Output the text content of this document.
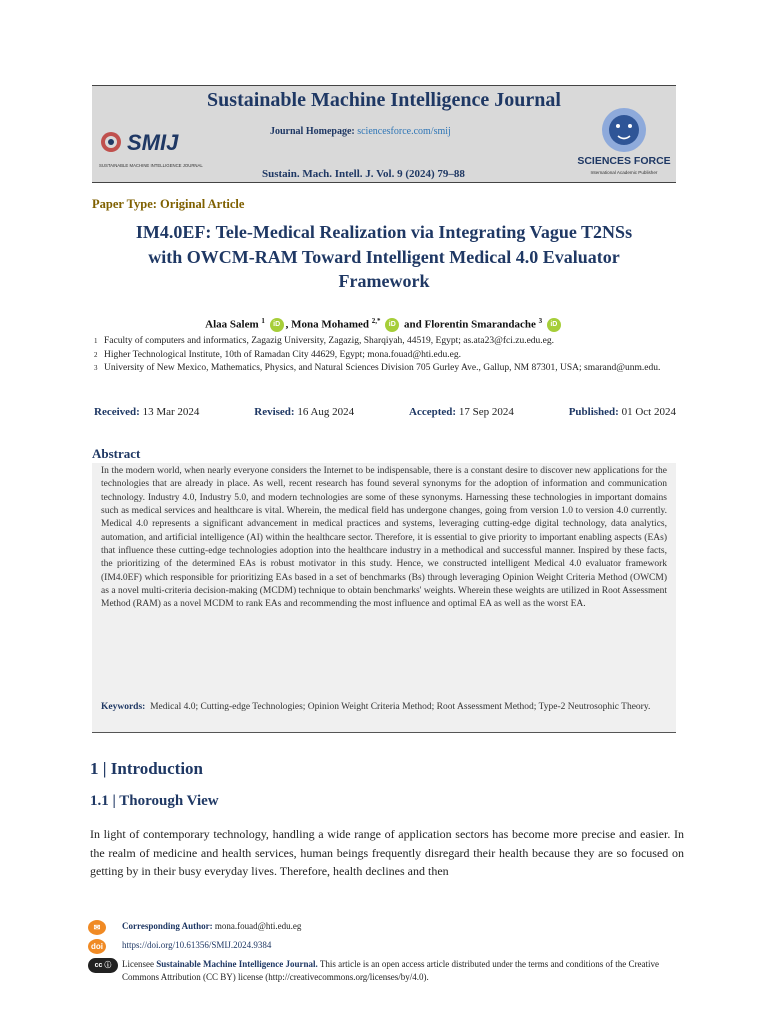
Sustainable Machine Intelligence Journal
SMIJ
SUSTAINABLE MACHINE INTELLIGENCE JOURNAL
Journal Homepage: sciencesforce.com/smij
SCIENCES FORCE
International Academic Publisher
Sustain. Mach. Intell. J. Vol. 9 (2024) 79–88
Paper Type: Original Article
IM4.0EF: Tele-Medical Realization via Integrating Vague T2NSs
with OWCM-RAM Toward Intelligent Medical 4.0 Evaluator
Framework
Alaa Salem $^1$ iD , Mona Mohamed $^{2,*}$ iD and Florentin Smarandache $^3$ iD
1 Faculty of computers and informatics, Zagazig University, Zagazig, Sharqiyah, 44519, Egypt; as.ata23@fci.zu.edu.eg.
2 Higher Technological Institute, 10th of Ramadan City 44629, Egypt; mona.fouad@hti.edu.eg.
3 University of New Mexico, Mathematics, Physics, and Natural Sciences Division 705 Gurley Ave., Gallup, NM 87301, USA; smarand@unm.edu.
Received: 13 Mar 2024	Revised: 16 Aug 2024	Accepted: 17 Sep 2024	Published: 01 Oct 2024
Abstract
In the modern world, when nearly everyone considers the Internet to be indispensable, there is a constant desire to discover new applications for the technologies that are already in place. As well, recent research has found several synonyms for the adoption of information and communication technology. Industry 4.0, Industry 5.0, and modern technologies are some of these synonyms. Harnessing these technologies in important domains such as medical services and healthcare is vital. Wherein, the medical field has undergone changes, going from version 1.0 to version 4.0 currently. Medical 4.0 represents a significant advancement in medical practices and systems, leveraging cutting-edge digital technology, data analytics, automation, and artificial intelligence (AI) within the healthcare sector. Therefore, it is essential to give priority to important enabling aspects (EAs) that influence these cutting-edge technologies adoption into the healthcare industry in a methodical and successful manner. Inspired by these facts, the prioritizing of the determined EAs is robust motivator in this study. Hence, we constructed intelligent Medical 4.0 evaluator framework (IM4.0EF) which responsible for prioritizing EAs based in a set of benchmarks (Bs) through leveraging Opinion Weight Criteria Method (OWCM) as a novel multi-criteria decision-making (MCDM) technique to obtain benchmarks' weights. Wherein these weights are utilized in Root Assessment Method (RAM) as a novel MCDM to rank EAs and recommending the most influence and optimal EA as well as the worst EA.
Keywords: Medical 4.0; Cutting-edge Technologies; Opinion Weight Criteria Method; Root Assessment Method; Type-2 Neutrosophic Theory.
1 | Introduction
1.1 | Thorough View
In light of contemporary technology, handling a wide range of application sectors has become more precise and easier. In the realm of medicine and health services, human beings frequently disregard their health because they are so focused on getting by in their busy everyday lives. Therefore, health declines and then
✉	Corresponding Author: mona.fouad@hti.edu.eg
doi	https://doi.org/10.61356/SMIJ.2024.9384
cc ⓘ	Licensee Sustainable Machine Intelligence Journal. This article is an open access article distributed under the terms and conditions of the Creative Commons Attribution (CC BY) license (http://creativecommons.org/licenses/by/4.0).
